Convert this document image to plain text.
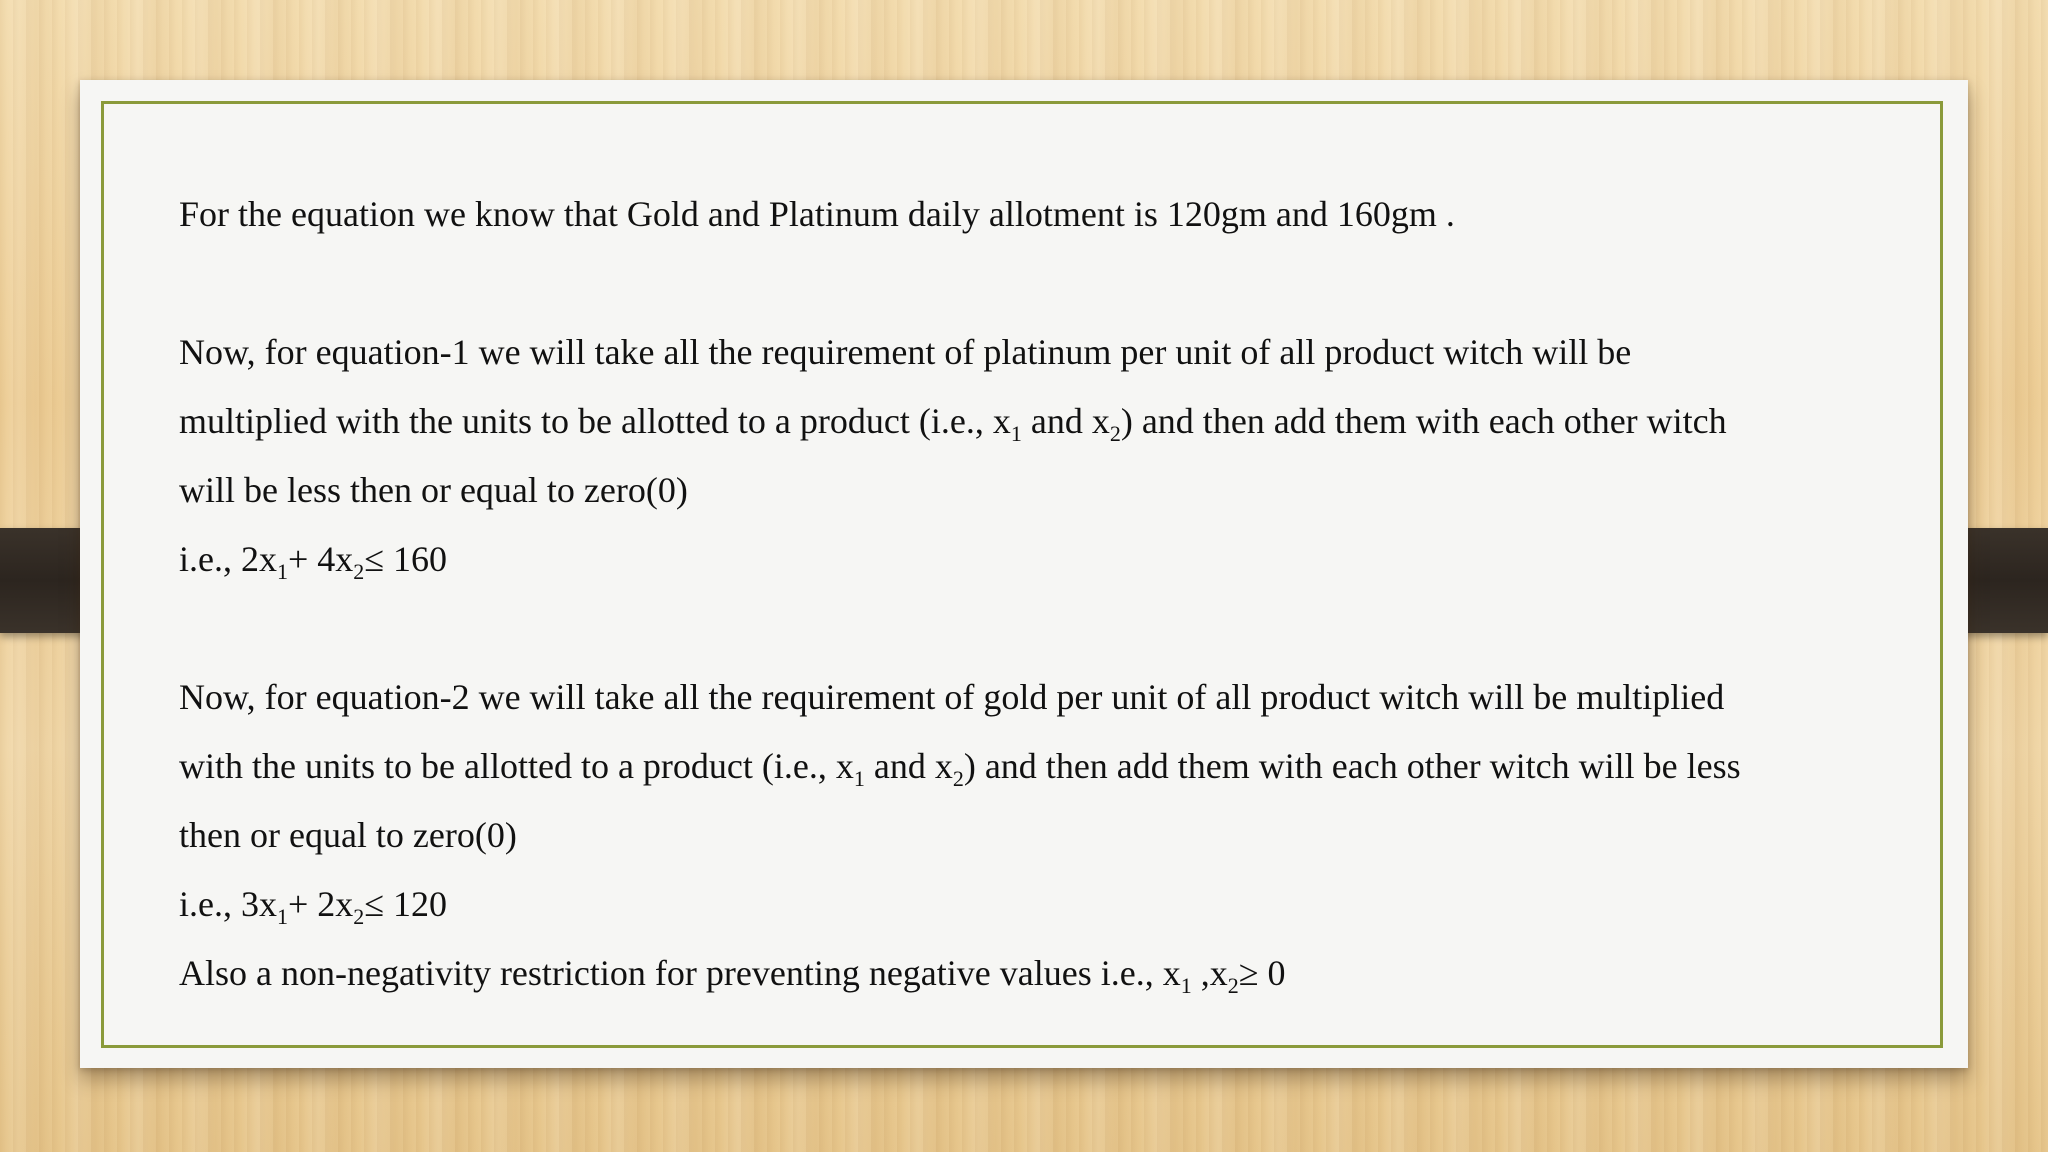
For the equation we know that Gold and Platinum daily allotment is 120gm and 160gm .
Now, for equation-1 we will take all the requirement of platinum per unit of all product witch will be
multiplied with the units to be allotted to a product (i.e., $x_1$ and $x_2$) and then add them with each other witch
will be less then or equal to zero(0)
i.e., $2x_1+ 4x_2\le 160$
Now, for equation-2 we will take all the requirement of gold per unit of all product witch will be multiplied
with the units to be allotted to a product (i.e., $x_1$ and $x_2$) and then add them with each other witch will be less
then or equal to zero(0)
i.e., $3x_1+ 2x_2\le 120$
Also a non-negativity restriction for preventing negative values i.e., $x_1$ $,x_2\ge 0$
